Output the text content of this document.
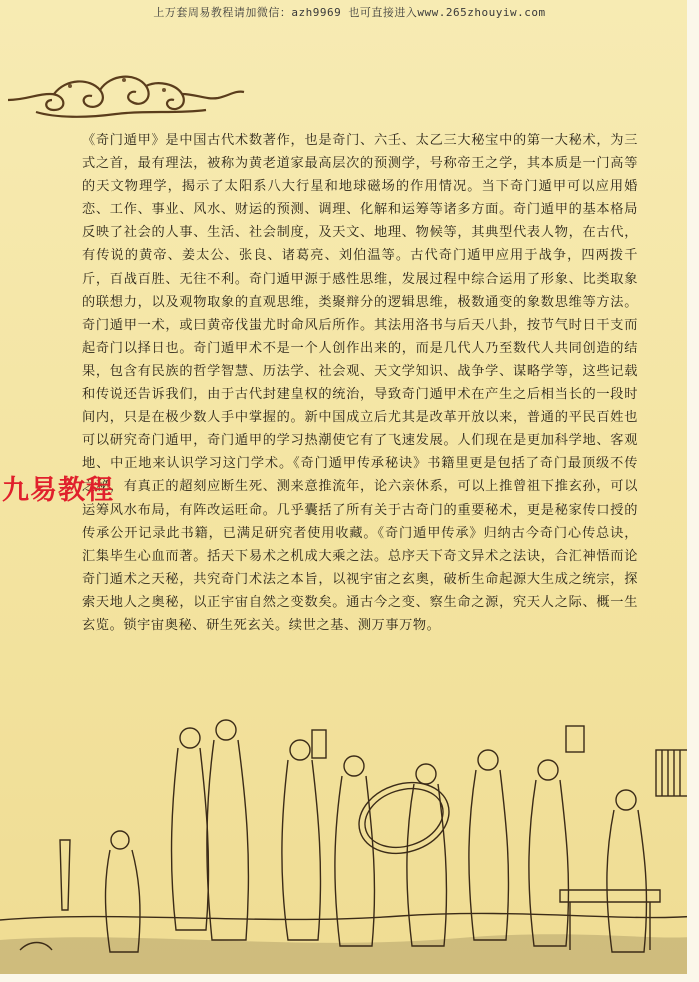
上万套周易教程请加微信：azh9969 也可直接进入www.265zhouyiw.com
《奇门遁甲》是中国古代术数著作，也是奇门、六壬、太乙三大秘宝中的第一大秘术，为三式之首，最有理法，被称为黄老道家最高层次的预测学，号称帝王之学，其本质是一门高等的天文物理学，揭示了太阳系八大行星和地球磁场的作用情况。当下奇门遁甲可以应用婚恋、工作、事业、风水、财运的预测、调理、化解和运筹等诸多方面。奇门遁甲的基本格局反映了社会的人事、生活、社会制度，及天文、地理、物候等，其典型代表人物，在古代，有传说的黄帝、姜太公、张良、诸葛亮、刘伯温等。古代奇门遁甲应用于战争，四两拨千斤，百战百胜、无往不利。奇门遁甲源于感性思维，发展过程中综合运用了形象、比类取象的联想力，以及观物取象的直观思维，类聚辩分的逻辑思维，极数通变的象数思维等方法。奇门遁甲一术，或曰黄帝伐蚩尤时命风后所作。其法用洛书与后天八卦，按节气时日干支而起奇门以择日也。奇门遁甲术不是一个人创作出来的，而是几代人乃至数代人共同创造的结果，包含有民族的哲学智慧、历法学、社会观、天文学知识、战争学、谋略学等，这些记载和传说还告诉我们，由于古代封建皇权的统治，导致奇门遁甲术在产生之后相当长的一段时间内，只是在极少数人手中掌握的。新中国成立后尤其是改革开放以来，普通的平民百姓也可以研究奇门遁甲，奇门遁甲的学习热潮使它有了飞速发展。人们现在是更加科学地、客观地、中正地来认识学习这门学术。《奇门遁甲传承秘诀》书籍里更是包括了奇门最顶级不传之秘，有真正的超刻应断生死、测来意推流年，论六亲休系，可以上推曾祖下推玄孙，可以运筹风水布局，有阵改运旺命。几乎囊括了所有关于古奇门的重要秘术，更是秘家传口授的传承公开记录此书籍，已满足研究者使用收藏。《奇门遁甲传承》归纳古今奇门心传总诀，汇集毕生心血而著。括天下易术之机成大乘之法。总序天下奇文异术之法诀，合汇神悟而论奇门遁术之天秘，共究奇门术法之本旨，以视宇宙之玄奥，破析生命起源大生成之统宗，探索天地人之奥秘，以正宇宙自然之变数矣。通古今之变、察生命之源，究天人之际、概一生玄览。锁宇宙奥秘、研生死玄关。续世之基、测万事万物。
九易教程
